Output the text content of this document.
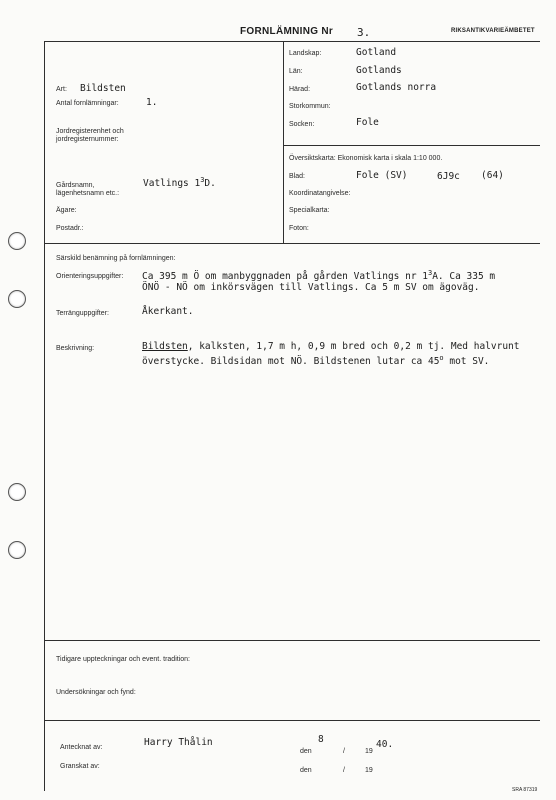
FORNLÄMNING Nr 3.	RIKSANTIKVARIEÄMBETET
Art: Bildsten
Antal fornlämningar:	1.
Jordregisterenhet och
jordregisternummer:
Gårdsnamn,
lägenhetsnamn etc.:
Vatlings $1^3D$.
Ägare:
Postadr.:
Landskap:	Gotland
Län:	Gotlands
Härad:	Gotlands norra
Storkommun:
Socken:	Fole
Översiktskarta: Ekonomisk karta i skala 1:10 000.
Blad:	Fole (SV)	6J9c (64)
Koordinatangivelse:
Specialkarta:
Foton:
Särskild benämning på fornlämningen:
Orienteringsuppgifter: Ca 395 m Ö om manbyggnaden på gården Vatlings nr $1^3A$. Ca 335 m
ÖNÖ - NÖ om inkörsvägen till Vatlings. Ca 5 m SV om ägoväg.
Terränguppgifter:	Åkerkant.
Beskrivning:	Bildsten, kalksten, 1,7 m h, 0,9 m bred och 0,2 m tj. Med halvrunt
överstycke. Bildsidan mot NÖ. Bildstenen lutar ca 45$^o$ mot SV.
Tidigare uppteckningar och event. tradition:
Undersökningar och fynd:
Antecknat av:	Harry Thålin	8	40.
den	/	19
Granskat av:
den	/	19
SRA 87319
